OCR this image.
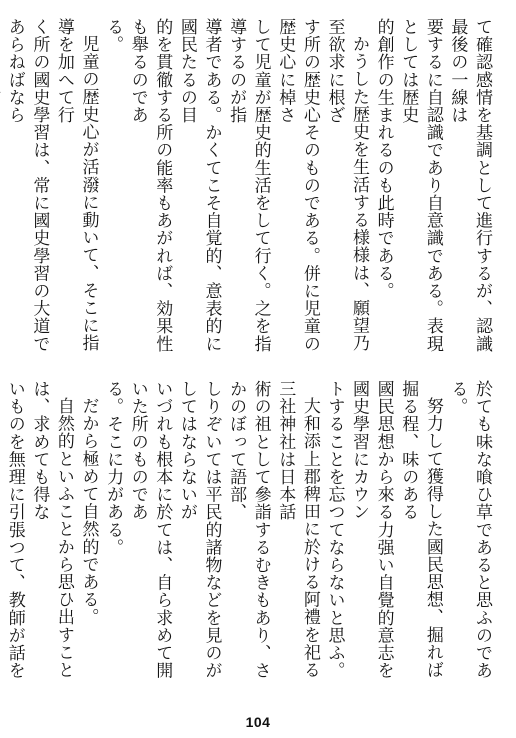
て確認感情を基調として進行するが、認識最後の一線は

要するに自認識であり自意識である。表現としては歴史

的創作の生まれるのも此時である。

かうした歴史を生活する様様は、願望乃至欲求に根ざ

す所の歴史心そのものである。併に児童の歴史心に棹さ

して児童が歴史的生活をして行く。之を指導するのが指

導者である。かくてこそ自覚的、意表的に國民たるの目

的を貫徹する所の能率もあがれば、効果性も舉るのであ

る。

児童の歴史心が活潑に動いて、そこに指導を加へて行

く所の國史學習は、常に國史學習の大道であらねばなら

於ても味な喰ひ草であると思ふのである。

努力して獲得した國民思想、掘れば掘る程、味のある

國民思想から來る力强い自覺的意志を國史學習にカウン

トすることを忘つてならないと思ふ。

大和添上郡稗田に於ける阿禮を祀る三社神社は日本話

術の祖として參詣するむきもあり、さかのぼって語部、

しりぞいては平民的諸物などを見のがしてはならないが

いづれも根本に於ては、自ら求めて開いた所のものであ

る。そこに力がある。

だから極めて自然的である。

自然的といふことから思ひ出すことは、求めても得な

いものを無理に引張つて、教師が話を

104
